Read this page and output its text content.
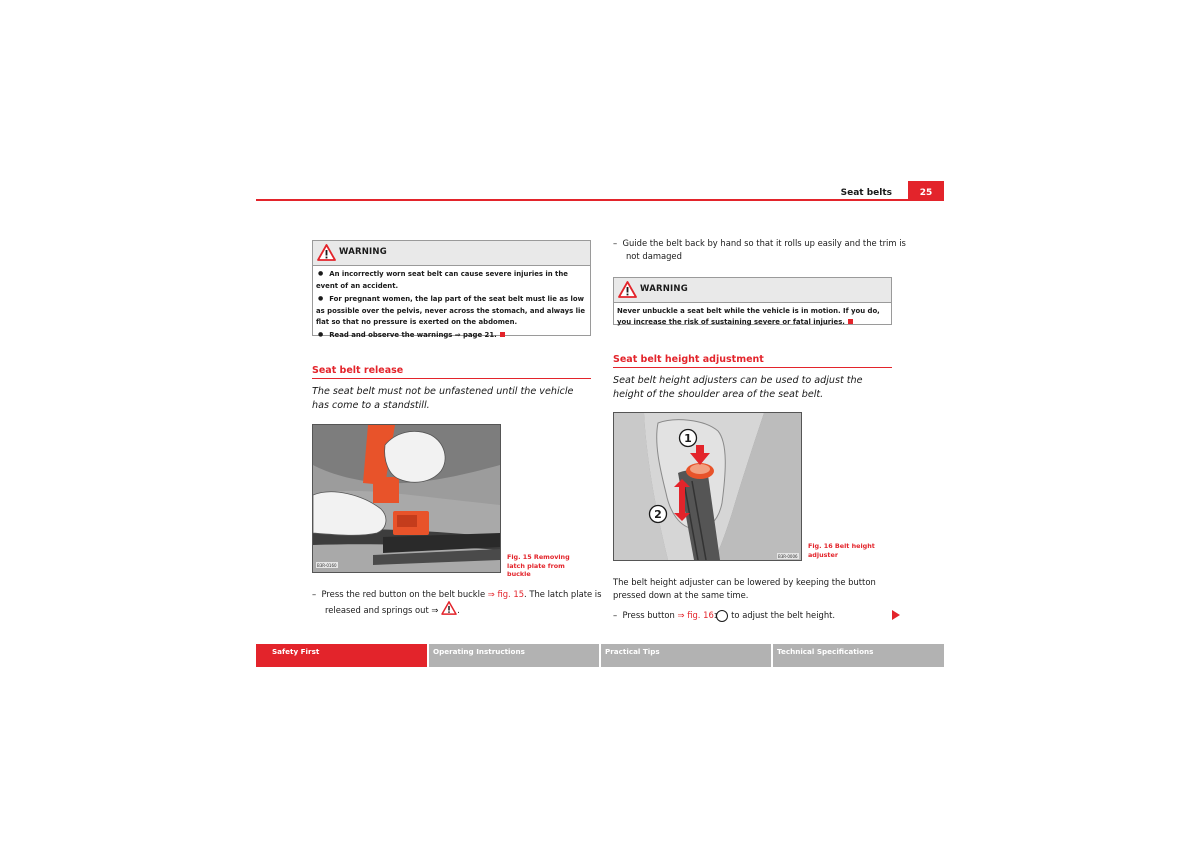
Seat belts	25
WARNING

● An incorrectly worn seat belt can cause severe injuries in the event of an accident.

● For pregnant women, the lap part of the seat belt must lie as low as possible over the pelvis, never across the stomach, and always lie flat so that no pressure is exerted on the abdomen.

● Read and observe the warnings ⇒ page 21.

Seat belt release
The seat belt must not be unfastened until the vehicle has come to a standstill.
B3R-0160
Fig. 15 Removing latch plate from buckle
–  Press the red button on the belt buckle ⇒ fig. 15. The latch plate is released and springs out ⇒ .
–  Guide the belt back by hand so that it rolls up easily and the trim is not damaged
WARNING

Never unbuckle a seat belt while the vehicle is in motion. If you do, you increase the risk of sustaining severe or fatal injuries.

Seat belt height adjustment
Seat belt height adjusters can be used to adjust the height of the shoulder area of the seat belt.
1
2
B3R-0006
Fig. 16 Belt height adjuster
The belt height adjuster can be lowered by keeping the button pressed down at the same time.
–  Press button ⇒ fig. 16 1 to adjust the belt height.
Safety First	Operating Instructions	Practical Tips	Technical Specifications
